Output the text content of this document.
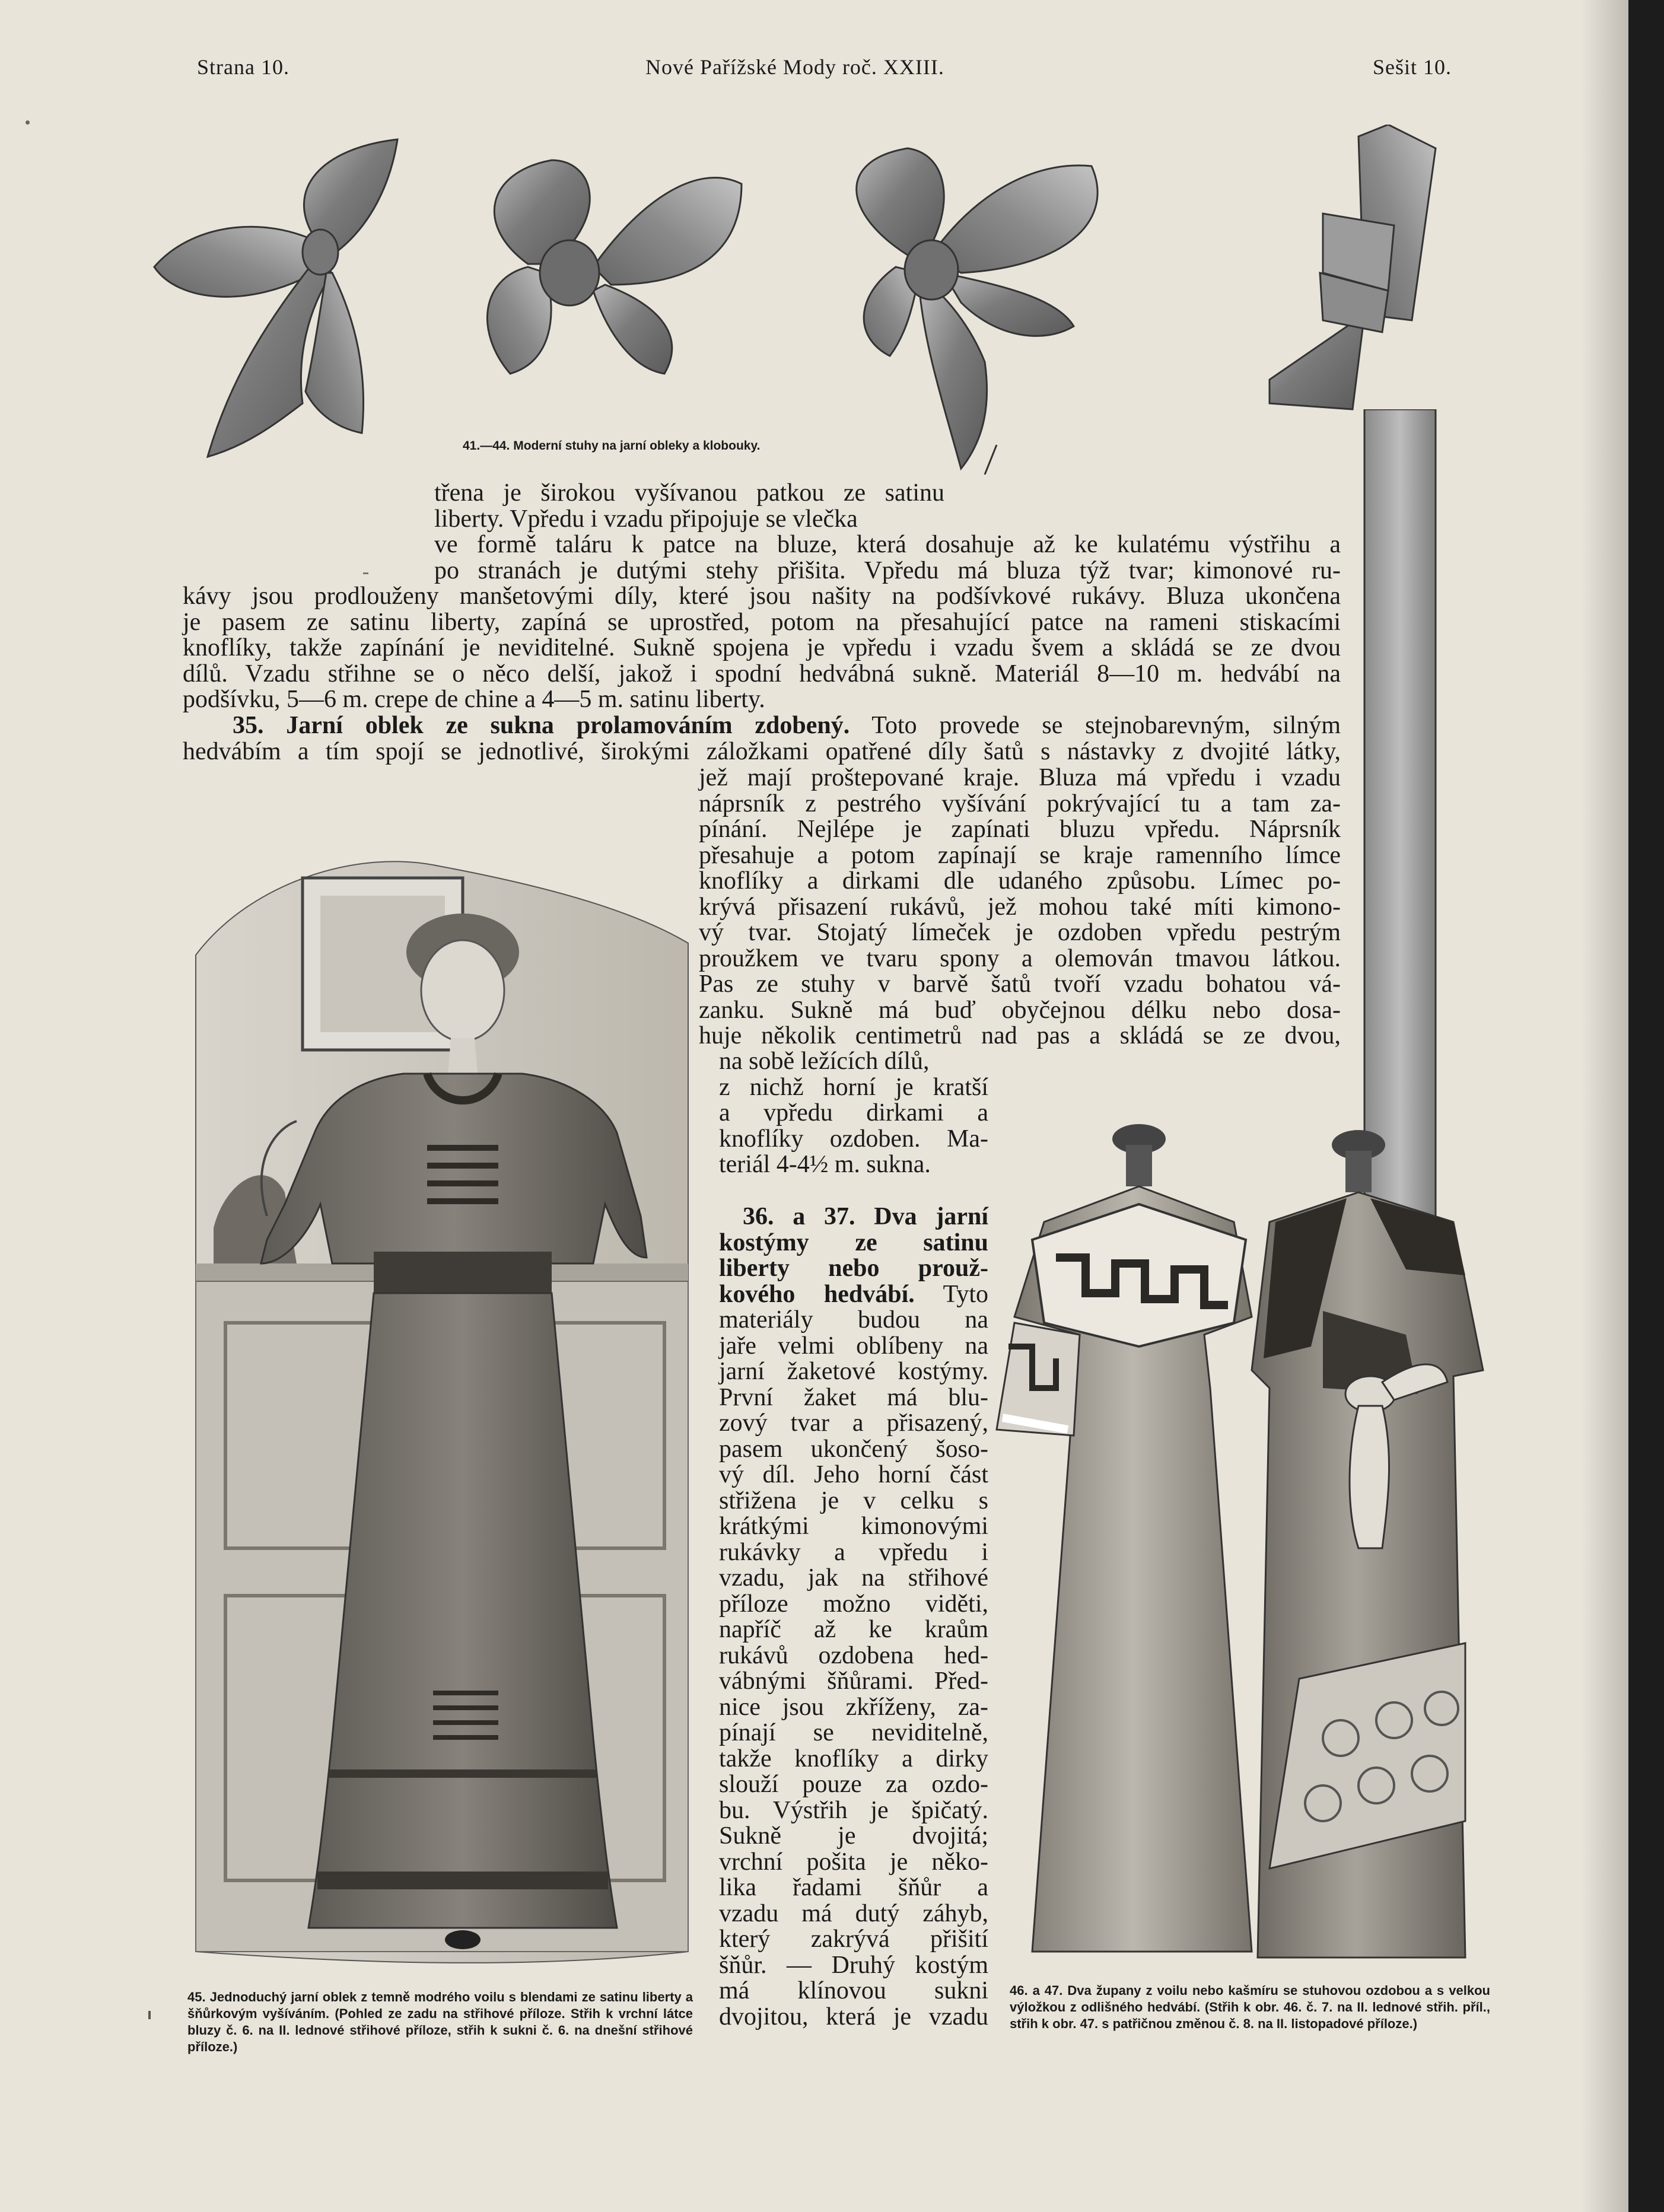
Strana 10.	Nové Pařížské Mody roč. XXIII.	Sešit 10.
41.—44. Moderní stuhy na jarní obleky a klobouky.
třena je širokou vyšívanou patkou ze satinu
liberty. Vpředu i vzadu připojuje se vlečka
ve formě taláru k patce na bluze, která dosahuje až ke kulatému výstřihu a
po stranách je dutými stehy přišita. Vpředu má bluza týž tvar; kimonové ru-
kávy jsou prodlouženy manšetovými díly, které jsou našity na podšívkové rukávy. Bluza ukončena
je pasem ze satinu liberty, zapíná se uprostřed, potom na přesahující patce na rameni stiskacími
knoflíky, takže zapínání je neviditelné. Sukně spojena je vpředu i vzadu švem a skládá se ze dvou
dílů. Vzadu střihne se o něco delší, jakož i spodní hedvábná sukně. Materiál 8—10 m. hedvábí na
podšívku, 5—6 m. crepe de chine a 4—5 m. satinu liberty.
35. Jarní oblek ze sukna prolamováním zdobený. Toto provede se stejnobarevným, silným
hedvábím a tím spojí se jednotlivé, širokými záložkami opatřené díly šatů s nástavky z dvojité látky,
jež mají proštepované kraje. Bluza má vpředu i vzadu
náprsník z pestrého vyšívání pokrývající tu a tam za-
pínání. Nejlépe je zapínati bluzu vpředu. Náprsník
přesahuje a potom zapínají se kraje ramenního límce
knoflíky a dirkami dle udaného způsobu. Límec po-
krývá přisazení rukávů, jež mohou také míti kimono-
vý tvar. Stojatý límeček je ozdoben vpředu pestrým
proužkem ve tvaru spony a olemován tmavou látkou.
Pas ze stuhy v barvě šatů tvoří vzadu bohatou vá-
zanku. Sukně má buď obyčejnou délku nebo dosa-
huje několik centimetrů nad pas a skládá se ze dvou,
na sobě ležících dílů,
z nichž horní je kratší
a vpředu dirkami a
knoflíky ozdoben. Ma-
teriál 4-4½ m. sukna.
36. a 37. Dva jarní
kostýmy ze satinu
liberty nebo prouž-
kového hedvábí. Tyto
materiály budou na
jaře velmi oblíbeny na
jarní žaketové kostýmy.
První žaket má blu-
zový tvar a přisazený,
pasem ukončený šoso-
vý díl. Jeho horní část
střižena je v celku s
krátkými kimonovými
rukávky a vpředu i
vzadu, jak na střihové
příloze možno viděti,
napříč až ke kraům
rukávů ozdobena hed-
vábnými šňůrami. Před-
nice jsou zkříženy, za-
pínají se neviditelně,
takže knoflíky a dirky
slouží pouze za ozdo-
bu. Výstřih je špičatý.
Sukně je dvojitá;
vrchní pošita je něko-
lika řadami šňůr a
vzadu má dutý záhyb,
který zakrývá přišití
šňůr. — Druhý kostým
má klínovou sukni
dvojitou, která je vzadu
45. Jednoduchý jarní oblek z temně modrého voilu s blendami ze satinu liberty a šňůrkovým vyšíváním. (Pohled ze zadu na střihové příloze. Střih k vrchní látce bluzy č. 6. na II. lednové střihové příloze, střih k sukni č. 6. na dnešní střihové příloze.)
46. a 47. Dva župany z voilu nebo kašmíru se stuhovou ozdobou a s velkou výložkou z odlišného hedvábí. (Střih k obr. 46. č. 7. na II. lednové střih. příl., střih k obr. 47. s patřičnou změnou č. 8. na II. listopadové příloze.)
